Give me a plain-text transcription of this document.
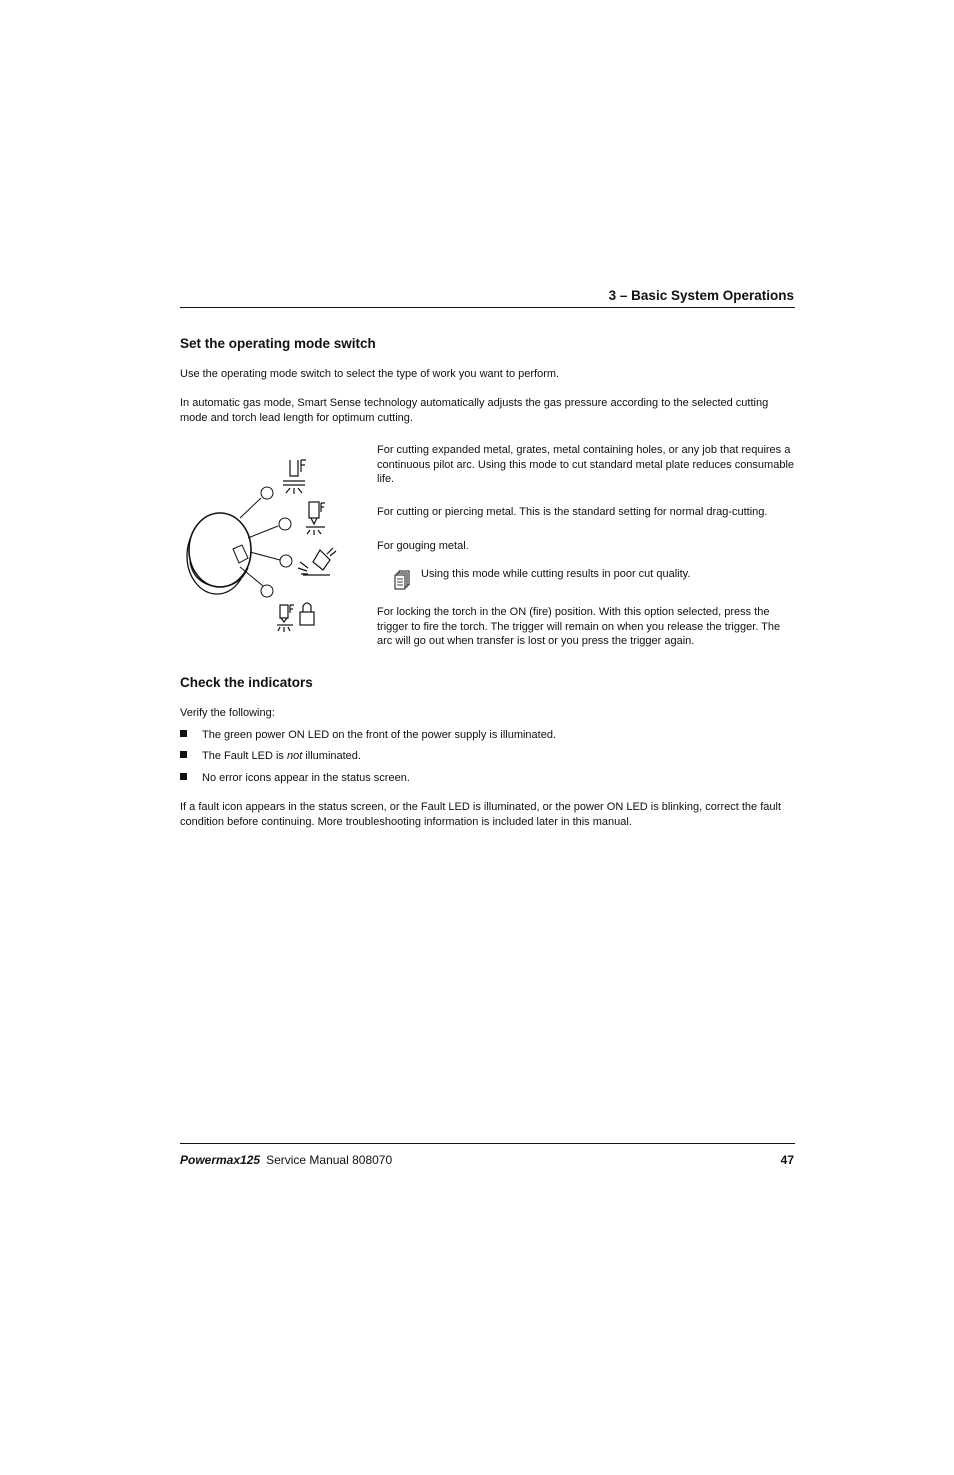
3 – Basic System Operations
Set the operating mode switch

Use the operating mode switch to select the type of work you want to perform.

In automatic gas mode, Smart Sense technology automatically adjusts the gas pressure according to the selected cutting mode and torch lead length for optimum cutting.

For cutting expanded metal, grates, metal containing holes, or any job that requires a continuous pilot arc. Using this mode to cut standard metal plate reduces consumable life.

For cutting or piercing metal. This is the standard setting for normal drag-cutting.

For gouging metal.

Using this mode while cutting results in poor cut quality.

For locking the torch in the ON (fire) position. With this option selected, press the trigger to fire the torch. The trigger will remain on when you release the trigger. The arc will go out when transfer is lost or you press the trigger again.

Check the indicators

Verify the following:

The green power ON LED on the front of the power supply is illuminated.
The Fault LED is not illuminated.
No error icons appear in the status screen.

If a fault icon appears in the status screen, or the Fault LED is illuminated, or the power ON LED is blinking, correct the fault condition before continuing. More troubleshooting information is included later in this manual.

Powermax125 Service Manual 808070	47
